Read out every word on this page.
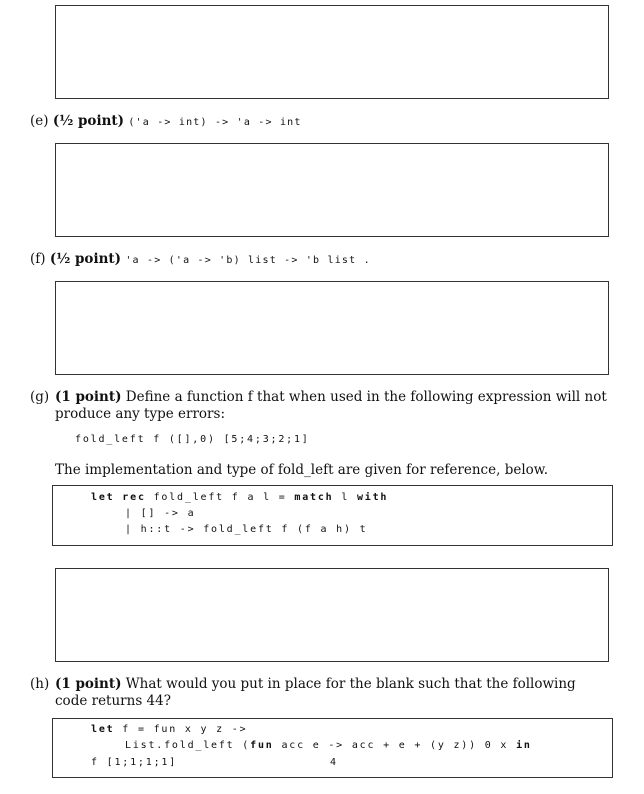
(e) (½ point) ('a -> int) -> 'a -> int
(f) (½ point) 'a -> ('a -> 'b) list -> 'b list .
(g) (1 point) Define a function f that when used in the following expression will not produce any type errors:
fold_left f ([],0) [5;4;3;2;1]
The implementation and type of fold_left are given for reference, below.
let rec fold_left f a l = match l with
| [] -> a
| h::t -> fold_left f (f a h) t
(h) (1 point) What would you put in place for the blank such that the following code returns 44?
let f = fun x y z ->
List.fold_left (fun acc e -> acc + e + (y z)) 0 x in
f [1;1;1;1]	4
